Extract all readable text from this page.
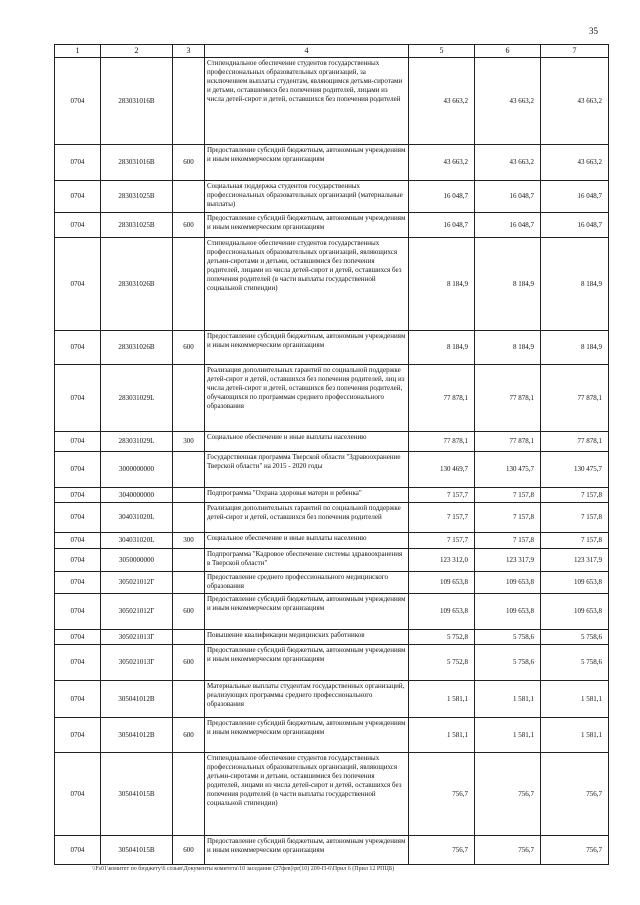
35
1	2	3	4	5	6	7
0704	283031016В		Стипендиальное обеспечение студентов государственных профессиональных образовательных организаций, за исключением выплаты студентам, являющимся детьми-сиротами и детьми, оставшимися без попечения родителей, лицами из числа детей-сирот и детей, оставшихся без попечения родителей	43 663,2	43 663,2	43 663,2
0704	283031016В	600	Предоставление субсидий бюджетным, автономным учреждениям и иным некоммерческим организациям	43 663,2	43 663,2	43 663,2
0704	283031025В		Социальная поддержка студентов государственных профессиональных образовательных организаций (материальные выплаты)	16 048,7	16 048,7	16 048,7
0704	283031025В	600	Предоставление субсидий бюджетным, автономным учреждениям и иным некоммерческим организациям	16 048,7	16 048,7	16 048,7
0704	283031026В		Стипендиальное обеспечение студентов государственных профессиональных образовательных организаций, являющихся детьми-сиротами и детьми, оставшимися без попечения родителей, лицами из числа детей-сирот и детей, оставшихся без попечения родителей (в части выплаты государственной социальной стипендии)	8 184,9	8 184,9	8 184,9
0704	283031026В	600	Предоставление субсидий бюджетным, автономным учреждениям и иным некоммерческим организациям	8 184,9	8 184,9	8 184,9
0704	283031029L		Реализация дополнительных гарантий по социальной поддержке детей-сирот и детей, оставшихся без попечения родителей, лиц из числа детей-сирот и детей, оставшихся без попечения родителей, обучающихся по программам среднего профессионального образования	77 878,1	77 878,1	77 878,1
0704	283031029L	300	Социальное обеспечение и иные выплаты населению	77 878,1	77 878,1	77 878,1
0704	3000000000		Государственная программа Тверской области "Здравоохранение Тверской области" на 2015 - 2020 годы	130 469,7	130 475,7	130 475,7
0704	3040000000		Подпрограмма "Охрана здоровья матери и ребенка"	7 157,7	7 157,8	7 157,8
0704	304031020L		Реализация дополнительных гарантий по социальной поддержке детей-сирот и детей, оставшихся без попечения родителей	7 157,7	7 157,8	7 157,8
0704	304031020L	300	Социальное обеспечение и иные выплаты населению	7 157,7	7 157,8	7 157,8
0704	3050000000		Подпрограмма "Кадровое обеспечение системы здравоохранения в Тверской области"	123 312,0	123 317,9	123 317,9
0704	305021012Г		Предоставление среднего профессионального медицинского образования	109 653,8	109 653,8	109 653,8
0704	305021012Г	600	Предоставление субсидий бюджетным, автономным учреждениям и иным некоммерческим организациям	109 653,8	109 653,8	109 653,8
0704	305021013Г		Повышение квалификации медицинских работников	5 752,8	5 758,6	5 758,6
0704	305021013Г	600	Предоставление субсидий бюджетным, автономным учреждениям и иным некоммерческим организациям	5 752,8	5 758,6	5 758,6
0704	305041012В		Материальные выплаты студентам государственных организаций, реализующих программы среднего профессионального образования	1 581,1	1 581,1	1 581,1
0704	305041012В	600	Предоставление субсидий бюджетным, автономным учреждениям и иным некоммерческим организациям	1 581,1	1 581,1	1 581,1
0704	305041015В		Стипендиальное обеспечение студентов государственных профессиональных образовательных организаций, являющихся детьми-сиротами и детьми, оставшимися без попечения родителей, лицами из числа детей-сирот и детей, оставшихся без попечения родителей (в части выплаты государственной социальной стипендии)	756,7	756,7	756,7
0704	305041015В	600	Предоставление субсидий бюджетным, автономным учреждениям и иным некоммерческим организациям	756,7	756,7	756,7
\\Fs01\комитет по бюджету\6 созыв\Документы комитета\10 заседание (27фев)\pr(10) 209-П-6\Прил 6 (Прил 12 РПЦБ)
